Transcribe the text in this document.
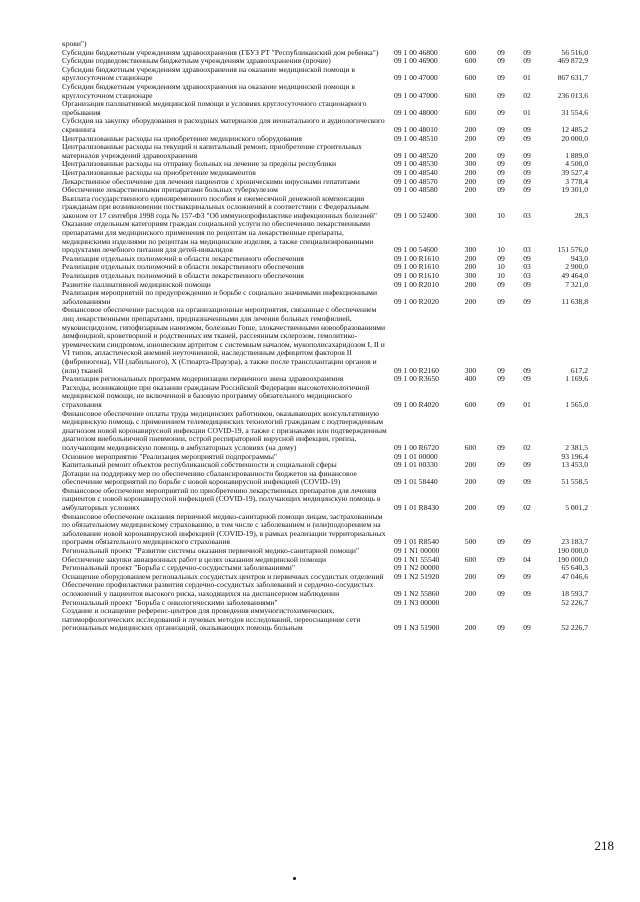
крови")
Субсидии бюджетным учреждениям здравоохранения (ГБУЗ РТ "Республиканский дом ребенка")	09 1 00 46800	600	09	09	56 516,0
Субсидии подведомственным бюджетным учреждениям здравоохранения (прочие)	09 1 00 46900	600	09	09	469 872,9
Субсидии бюджетным учреждениям здравоохранения на оказание медицинской помощи в круглосуточном стационаре	09 1 00 47000	600	09	01	867 631,7
Субсидии бюджетным учреждениям здравоохранения на оказание медицинской помощи в круглосуточном стационаре	09 1 00 47000	600	09	02	236 013,6
Организация паллиативной медицинской помощи в условиях круглосуточного стационарного пребывания	09 1 00 48000	600	09	01	31 554,6
Субсидия на закупку оборудования и расходных материалов для неонатального и аудиологического скрининга	09 1 00 48010	200	09	09	12 485,2
Централизованные расходы на приобретение медицинского оборудования	09 1 00 48510	200	09	09	20 000,0
Централизованные расходы на текущий и капитальный ремонт, приобретение строительных материалов учреждений здравоохранения	09 1 00 48520	200	09	09	1 889,0
Централизованные расходы на отправку больных на лечение за пределы республики	09 1 00 48530	300	09	09	4 500,0
Централизованные расходы на приобретение медикаментов	09 1 00 48540	200	09	09	39 527,4
Лекарственное обеспечение для лечения пациентов с хроническими вирусными гепатитами	09 1 00 48570	200	09	09	3 778,4
Обеспечение лекарственными препаратами больных туберкулезом	09 1 00 48580	200	09	09	19 301,0
Выплата государственного единовременного пособия и ежемесячной денежной компенсации гражданам при возникновении поствакцинальных осложнений в соответствии с Федеральным законом от 17 сентября 1998 года № 157-ФЗ "Об иммунопрофилактике инфекционных болезней"	09 1 00 52400	300	10	03	28,3
Оказание отдельным категориям граждан социальной услуги по обеспечению лекарственными препаратами для медицинского применения по рецептам на лекарственные препараты, медицинскими изделиями по рецептам на медицинские изделия, а также специализированными продуктами лечебного питания для детей-инвалидов	09 1 00 54600	300	10	03	151 576,0
Реализация отдельных полномочий в области лекарственного обеспечения	09 1 00 R1610	200	09	09	943,0
Реализация отдельных полномочий в области лекарственного обеспечения	09 1 00 R1610	200	10	03	2 900,0
Реализация отдельных полномочий в области лекарственного обеспечения	09 1 00 R1610	300	10	03	49 464,0
Развитие паллиативной медицинской помощи	09 1 00 R2010	200	09	09	7 321,0
Реализация мероприятий по предупреждению и борьбе с социально значимыми инфекционными заболеваниями	09 1 00 R2020	200	09	09	11 638,8
Финансовое обеспечение расходов на организационные мероприятия, связанные с обеспечением лиц лекарственными препаратами, предназначенными для лечения больных гемофилией, муковисцидозом, гипофизарным нанизмом, болезнью Гоше, злокачественными новообразованиями лимфоидной, кроветворной и родственных им тканей, рассеянным склерозом, гемолитико-уремическим синдромом, юношеским артритом с системным началом, мукополисахаридозом I, II и VI типов, апластической анемией неуточненной, наследственным дефицитом факторов II (фибриногена), VII (лабильного), X (Стюарта-Прауэра), а также после трансплантации органов и (или) тканей	09 1 00 R2160	300	09	09	617,2
Реализация региональных программ модернизации первичного звена здравоохранения	09 1 00 R3650	400	09	09	1 169,6
Расходы, возникающие при оказании гражданам Российской Федерации высокотехнологичной медицинской помощи, не включенной в базовую программу обязательного медицинского страхования	09 1 00 R4020	600	09	01	1 565,0
Финансовое обеспечение оплаты труда медицинских работников, оказывающих консультативную медицинскую помощь с применением телемедицинских технологий гражданам с подтвержденным диагнозом новой коронавирусной инфекции COVID-19, а также с признаками или подтвержденным диагнозом внебольничной пневмонии, острой респираторной вирусной инфекции, гриппа, получающим медицинскую помощь в амбулаторных условиях (на дому)	09 1 00 R6720	600	09	02	2 381,5
Основное мероприятие "Реализация мероприятий подпрограммы"	09 1 01 00000	93 196,4
Капитальный ремонт объектов республиканской собственности и социальной сферы	09 1 01 00330	200	09	09	13 453,0
Дотации на поддержку мер по обеспечению сбалансированности бюджетов на финансовое обеспечение мероприятий по борьбе с новой коронавирусной инфекцией (COVID-19)	09 1 01 58440	200	09	09	51 558,5
Финансовое обеспечение мероприятий по приобретению лекарственных препаратов для лечения пациентов с новой коронавирусной инфекцией (COVID-19), получающих медицинскую помощь в амбулаторных условиях	09 1 01 R8430	200	09	02	5 001,2
Финансовое обеспечение оказания первичной медико-санитарной помощи лицам, застрахованным по обязательному медицинскому страхованию, в том числе с заболеванием и (или)подозрением на заболевание новой коронавирусной инфекцией (COVID-19), в рамках реализации территориальных программ обязательного медицинского страхования	09 1 01 R8540	500	09	09	23 183,7
Региональный проект "Развитие системы оказания первичной медико-санитарной помощи"	09 1 N1 00000	190 000,0
Обеспечение закупки авиационных работ в целях оказания медицинской помощи	09 1 N1 55540	600	09	04	190 000,0
Региональный проект "Борьба с сердечно-сосудистыми заболеваниями"	09 1 N2 00000	65 640,3
Оснащение оборудованием региональных сосудистых центров и первичных сосудистых отделений	09 1 N2 51920	200	09	09	47 046,6
Обеспечение профилактики развития сердечно-сосудистых заболеваний и сердечно-сосудистых осложнений у пациентов высокого риска, находящихся на диспансерном наблюдении	09 1 N2 55860	200	09	09	18 593,7
Региональный проект "Борьба с онкологическими заболеваниями"	09 1 N3 00000	52 226,7
Создание и оснащение референс-центров для проведения иммуногистохимических, патоморфологических исследований и лучевых методов исследований, переоснащение сети региональных медицинских организаций, оказывающих помощь больным	09 1 N3 51900	200	09	09	52 226,7
218
